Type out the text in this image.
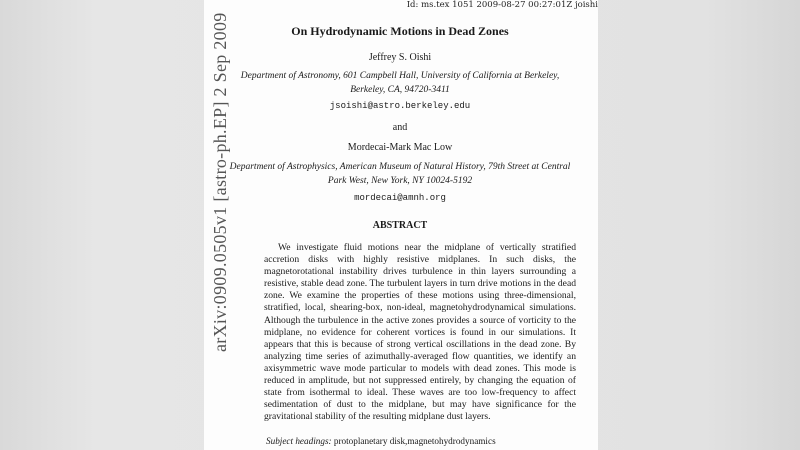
Id: ms.tex 1051 2009-08-27 00:27:01Z joishi
arXiv:0909.0505v1 [astro-ph.EP] 2 Sep 2009	On Hydrodynamic Motions in Dead Zones
Jeffrey S. Oishi
Department of Astronomy, 601 Campbell Hall, University of California at Berkeley,
Berkeley, CA, 94720-3411
jsoishi@astro.berkeley.edu
and
Mordecai-Mark Mac Low
Department of Astrophysics, American Museum of Natural History, 79th Street at Central
Park West, New York, NY 10024-5192
mordecai@amnh.org
ABSTRACT
We investigate fluid motions near the midplane of vertically stratified accretion disks with highly resistive midplanes. In such disks, the magnetorotational instability drives turbulence in thin layers surrounding a resistive, stable dead zone. The turbulent layers in turn drive motions in the dead zone. We examine the properties of these motions using three-dimensional, stratified, local, shearing-box, non-ideal, magnetohydrodynamical simulations. Although the turbulence in the active zones provides a source of vorticity to the midplane, no evidence for coherent vortices is found in our simulations. It appears that this is because of strong vertical oscillations in the dead zone. By analyzing time series of azimuthally-averaged flow quantities, we identify an axisymmetric wave mode particular to models with dead zones. This mode is reduced in amplitude, but not suppressed entirely, by changing the equation of state from isothermal to ideal. These waves are too low-frequency to affect sedimentation of dust to the midplane, but may have significance for the gravitational stability of the resulting midplane dust layers.
Subject headings: protoplanetary disk,magnetohydrodynamics
